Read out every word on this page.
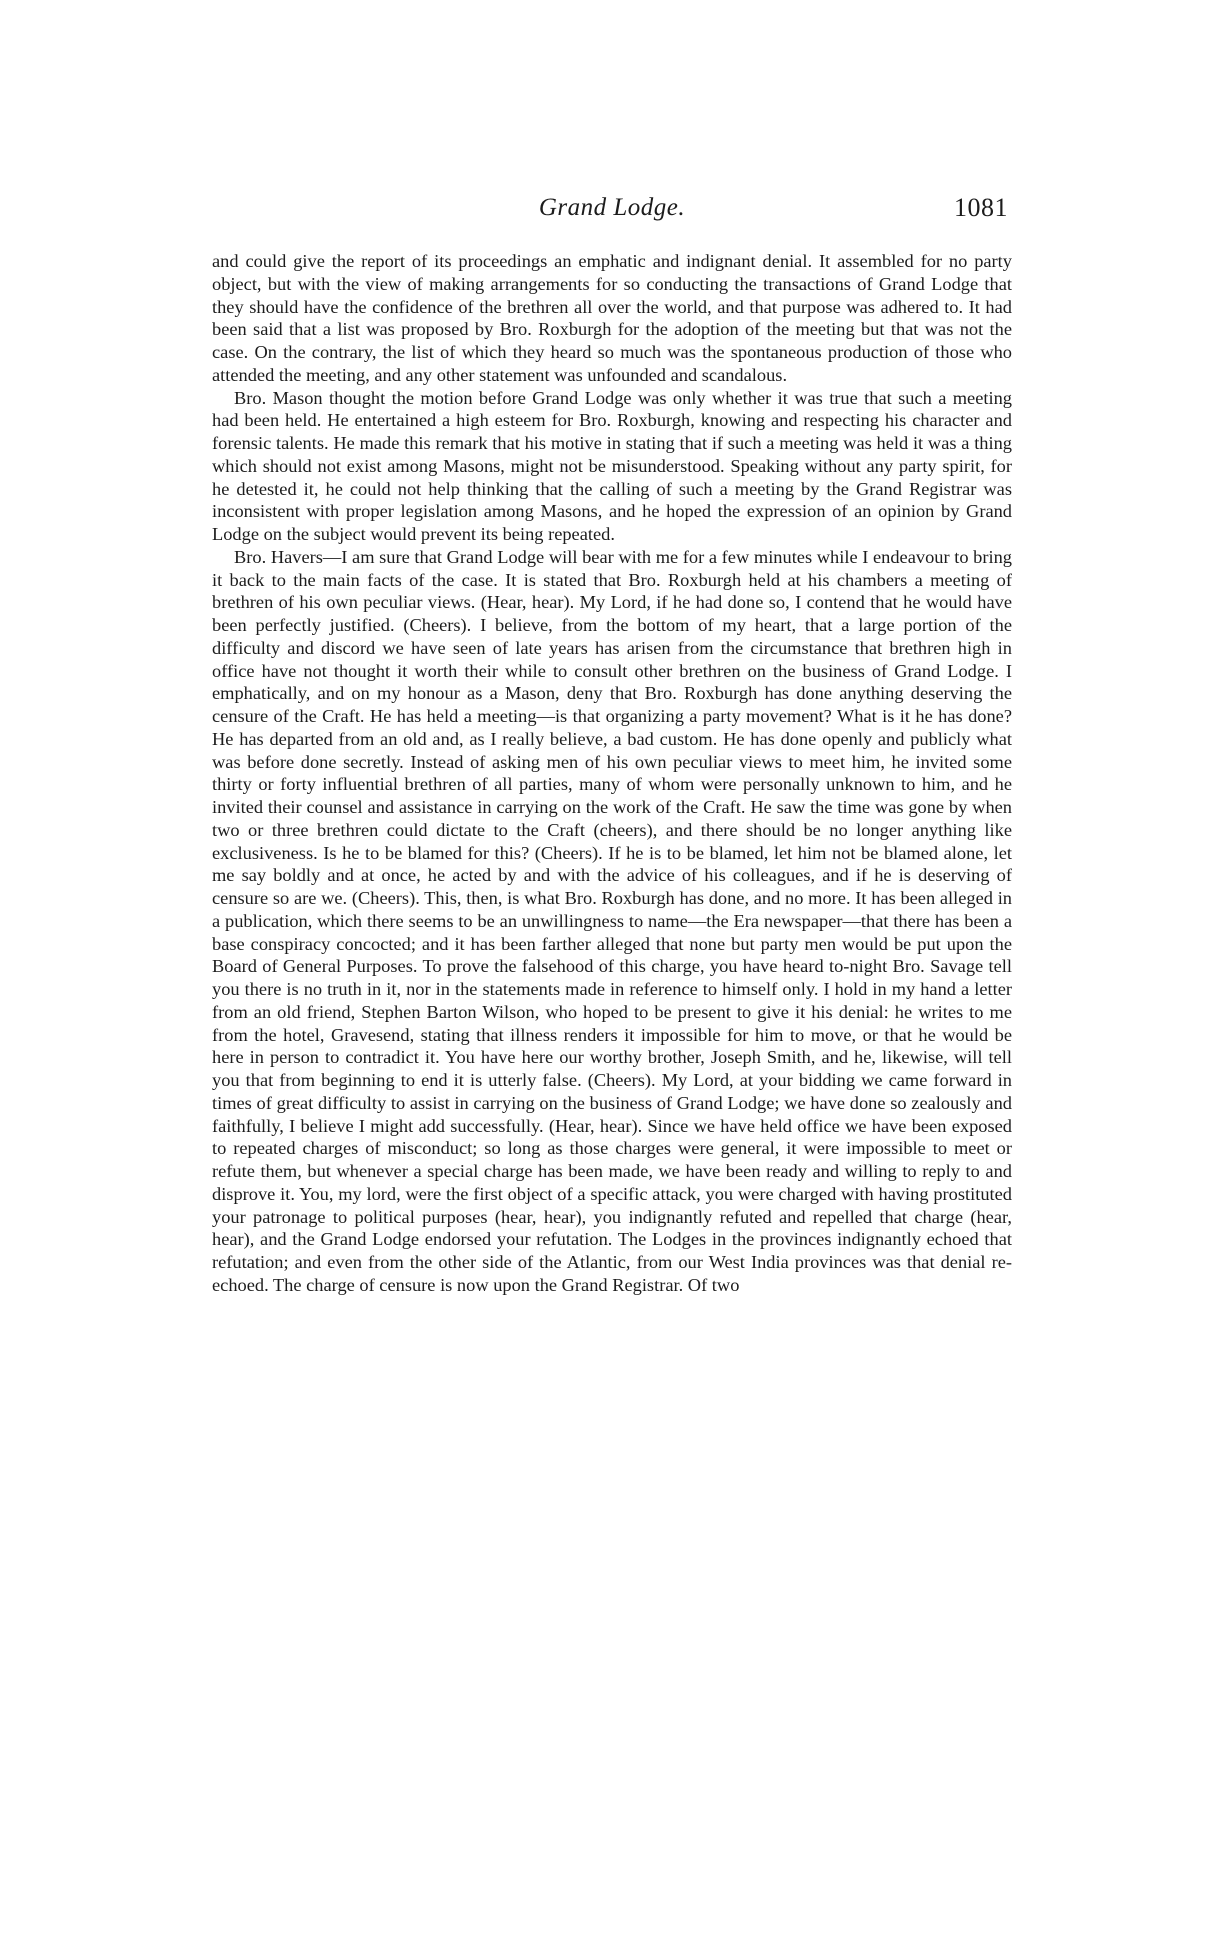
Grand Lodge.	1081

and could give the report of its proceedings an emphatic and indignant denial. It assembled for no party object, but with the view of making arrangements for so conducting the transactions of Grand Lodge that they should have the confidence of the brethren all over the world, and that purpose was adhered to. It had been said that a list was proposed by Bro. Roxburgh for the adoption of the meeting but that was not the case. On the contrary, the list of which they heard so much was the spontaneous production of those who attended the meeting, and any other statement was unfounded and scandalous.

Bro. Mason thought the motion before Grand Lodge was only whether it was true that such a meeting had been held. He entertained a high esteem for Bro. Roxburgh, knowing and respecting his character and forensic talents. He made this remark that his motive in stating that if such a meeting was held it was a thing which should not exist among Masons, might not be misunderstood. Speaking without any party spirit, for he detested it, he could not help thinking that the calling of such a meeting by the Grand Registrar was inconsistent with proper legislation among Masons, and he hoped the expression of an opinion by Grand Lodge on the subject would prevent its being repeated.

Bro. Havers—I am sure that Grand Lodge will bear with me for a few minutes while I endeavour to bring it back to the main facts of the case. It is stated that Bro. Roxburgh held at his chambers a meeting of brethren of his own peculiar views. (Hear, hear). My Lord, if he had done so, I contend that he would have been perfectly justified. (Cheers). I believe, from the bottom of my heart, that a large portion of the difficulty and discord we have seen of late years has arisen from the circumstance that brethren high in office have not thought it worth their while to consult other brethren on the business of Grand Lodge. I emphatically, and on my honour as a Mason, deny that Bro. Roxburgh has done anything deserving the censure of the Craft. He has held a meeting—is that organizing a party movement? What is it he has done? He has departed from an old and, as I really believe, a bad custom. He has done openly and publicly what was before done secretly. Instead of asking men of his own peculiar views to meet him, he invited some thirty or forty influential brethren of all parties, many of whom were personally unknown to him, and he invited their counsel and assistance in carrying on the work of the Craft. He saw the time was gone by when two or three brethren could dictate to the Craft (cheers), and there should be no longer anything like exclusiveness. Is he to be blamed for this? (Cheers). If he is to be blamed, let him not be blamed alone, let me say boldly and at once, he acted by and with the advice of his colleagues, and if he is deserving of censure so are we. (Cheers). This, then, is what Bro. Roxburgh has done, and no more. It has been alleged in a publication, which there seems to be an unwillingness to name—the Era newspaper—that there has been a base conspiracy concocted; and it has been farther alleged that none but party men would be put upon the Board of General Purposes. To prove the falsehood of this charge, you have heard to-night Bro. Savage tell you there is no truth in it, nor in the statements made in reference to himself only. I hold in my hand a letter from an old friend, Stephen Barton Wilson, who hoped to be present to give it his denial: he writes to me from the hotel, Gravesend, stating that illness renders it impossible for him to move, or that he would be here in person to contradict it. You have here our worthy brother, Joseph Smith, and he, likewise, will tell you that from beginning to end it is utterly false. (Cheers). My Lord, at your bidding we came forward in times of great difficulty to assist in carrying on the business of Grand Lodge; we have done so zealously and faithfully, I believe I might add successfully. (Hear, hear). Since we have held office we have been exposed to repeated charges of misconduct; so long as those charges were general, it were impossible to meet or refute them, but whenever a special charge has been made, we have been ready and willing to reply to and disprove it. You, my lord, were the first object of a specific attack, you were charged with having prostituted your patronage to political purposes (hear, hear), you indignantly refuted and repelled that charge (hear, hear), and the Grand Lodge endorsed your refutation. The Lodges in the provinces indignantly echoed that refutation; and even from the other side of the Atlantic, from our West India provinces was that denial re-echoed. The charge of censure is now upon the Grand Registrar. Of two
